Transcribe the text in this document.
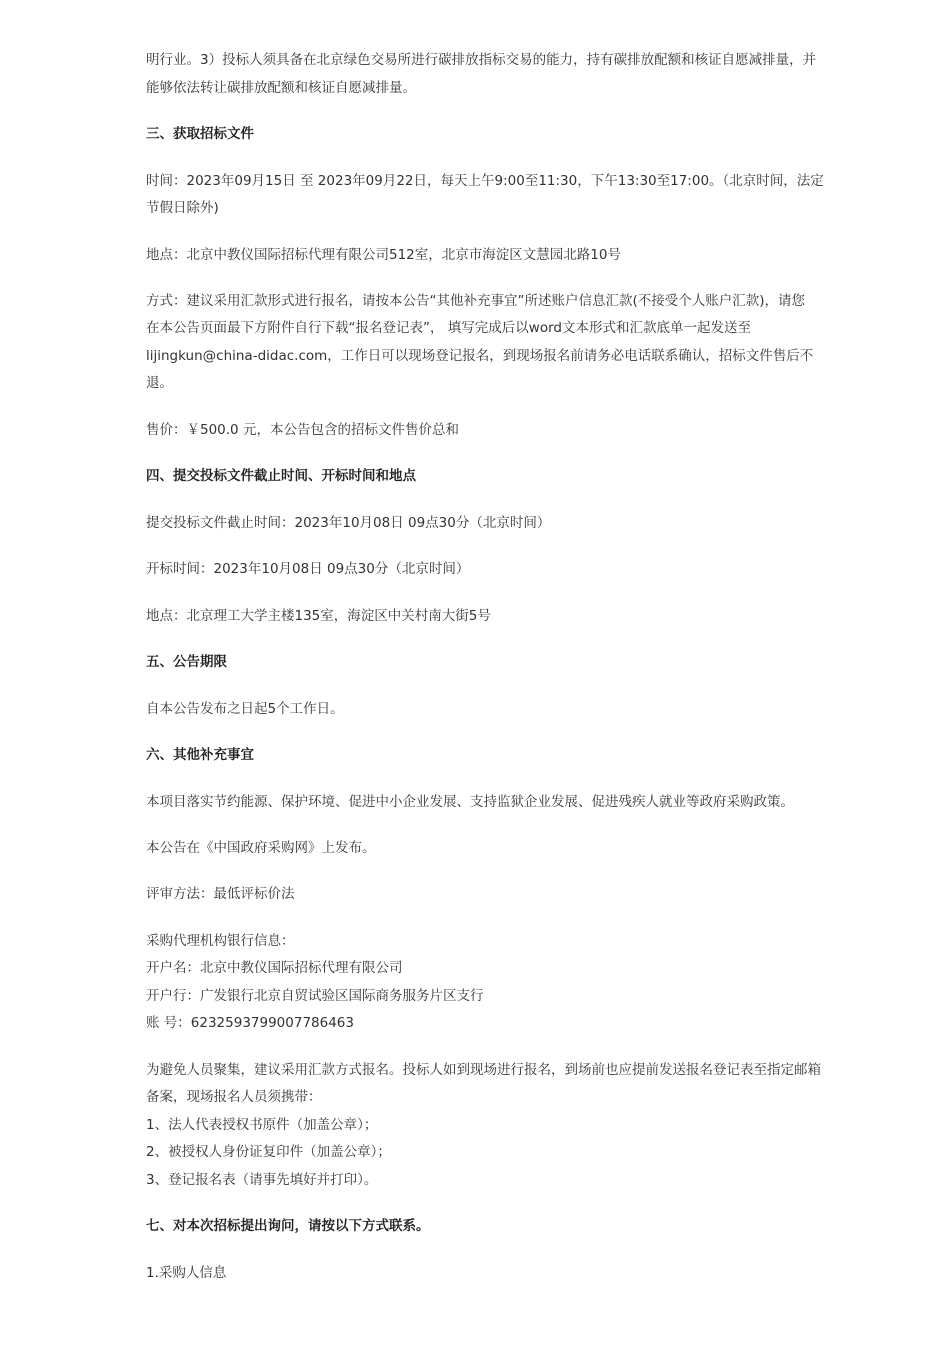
明行业。3）投标人须具备在北京绿色交易所进行碳排放指标交易的能力，持有碳排放配额和核证自愿减排量，并
能够依法转让碳排放配额和核证自愿减排量。
三、获取招标文件
时间：2023年09月15日 至 2023年09月22日，每天上午9:00至11:30，下午13:30至17:00。（北京时间，法定
节假日除外)
地点：北京中教仪国际招标代理有限公司512室，北京市海淀区文慧园北路10号
方式：建议采用汇款形式进行报名，请按本公告“其他补充事宜”所述账户信息汇款(不接受个人账户汇款)，请您
在本公告页面最下方附件自行下载“报名登记表”， 填写完成后以word文本形式和汇款底单一起发送至
lijingkun@china-didac.com，工作日可以现场登记报名，到现场报名前请务必电话联系确认，招标文件售后不
退。
售价：￥500.0 元，本公告包含的招标文件售价总和
四、提交投标文件截止时间、开标时间和地点
提交投标文件截止时间：2023年10月08日 09点30分（北京时间）
开标时间：2023年10月08日 09点30分（北京时间）
地点：北京理工大学主楼135室，海淀区中关村南大街5号
五、公告期限
自本公告发布之日起5个工作日。
六、其他补充事宜
本项目落实节约能源、保护环境、促进中小企业发展、支持监狱企业发展、促进残疾人就业等政府采购政策。
本公告在《中国政府采购网》上发布。
评审方法：最低评标价法
采购代理机构银行信息：
开户名：北京中教仪国际招标代理有限公司
开户行：广发银行北京自贸试验区国际商务服务片区支行
账 号：6232593799007786463
为避免人员聚集，建议采用汇款方式报名。投标人如到现场进行报名，到场前也应提前发送报名登记表至指定邮箱
备案，现场报名人员须携带：
1、法人代表授权书原件（加盖公章）；
2、被授权人身份证复印件（加盖公章）；
3、登记报名表（请事先填好并打印）。
七、对本次招标提出询问，请按以下方式联系。
1.采购人信息
